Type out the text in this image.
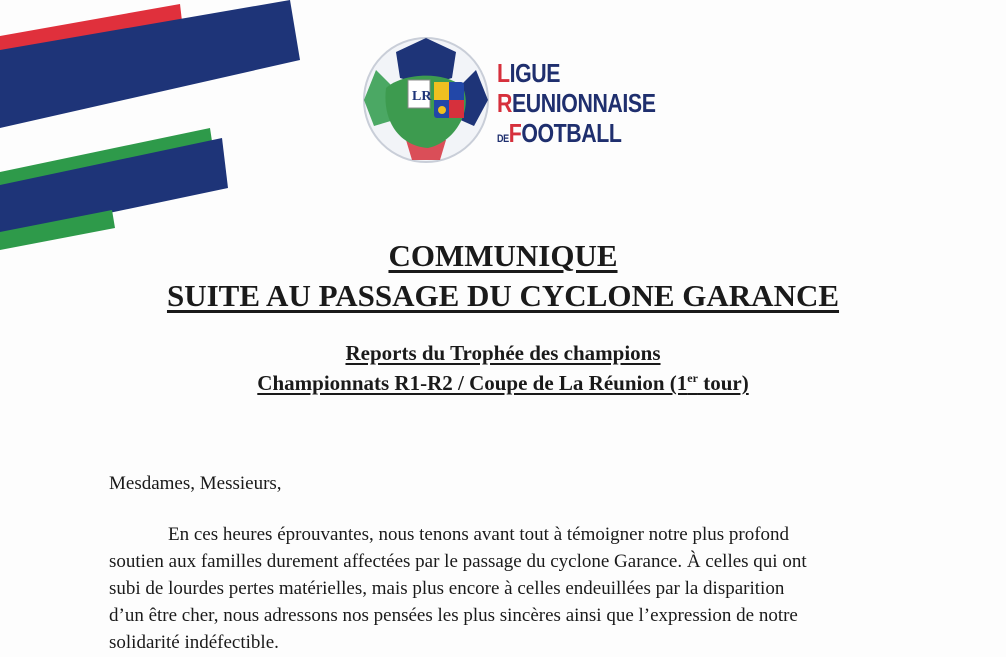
LR
LIGUE
REUNIONNAISE
DEFOOTBALL
COMMUNIQUE
SUITE AU PASSAGE DU CYCLONE GARANCE
Reports du Trophée des champions
Championnats R1-R2 / Coupe de La Réunion (1er tour)
Mesdames, Messieurs,
En ces heures éprouvantes, nous tenons avant tout à témoigner notre plus profond
soutien aux familles durement affectées par le passage du cyclone Garance. À celles qui ont
subi de lourdes pertes matérielles, mais plus encore à celles endeuillées par la disparition
d’un être cher, nous adressons nos pensées les plus sincères ainsi que l’expression de notre
solidarité indéfectible.
